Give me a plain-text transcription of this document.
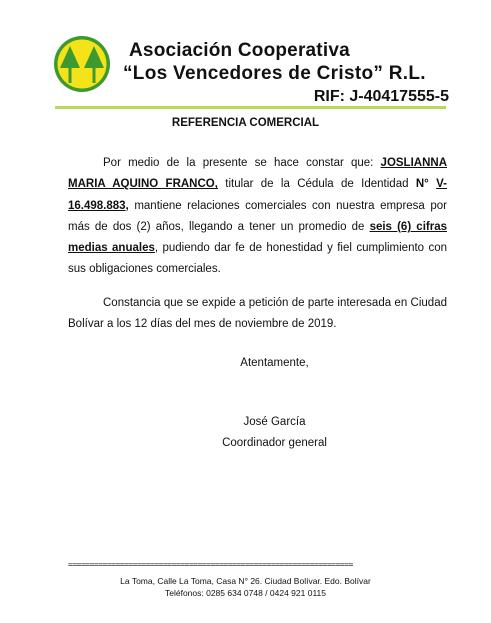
Asociación Cooperativa
“Los Vencedores de Cristo” R.L.
RIF: J-40417555-5
REFERENCIA COMERCIAL

Por medio de la presente se hace constar que: JOSLIANNA MARIA AQUINO FRANCO, titular de la Cédula de Identidad N° V-16.498.883, mantiene relaciones comerciales con nuestra empresa por más de dos (2) años, llegando a tener un promedio de seis (6) cifras medias anuales, pudiendo dar fe de honestidad y fiel cumplimiento con sus obligaciones comerciales.

Constancia que se expide a petición de parte interesada en Ciudad Bolívar a los 12 días del mes de noviembre de 2019.

Atentamente,
José García
Coordinador general
==================================================================
La Toma, Calle La Toma, Casa N° 26. Ciudad Bolívar. Edo. Bolívar
Teléfonos: 0285 634 0748 / 0424 921 0115
